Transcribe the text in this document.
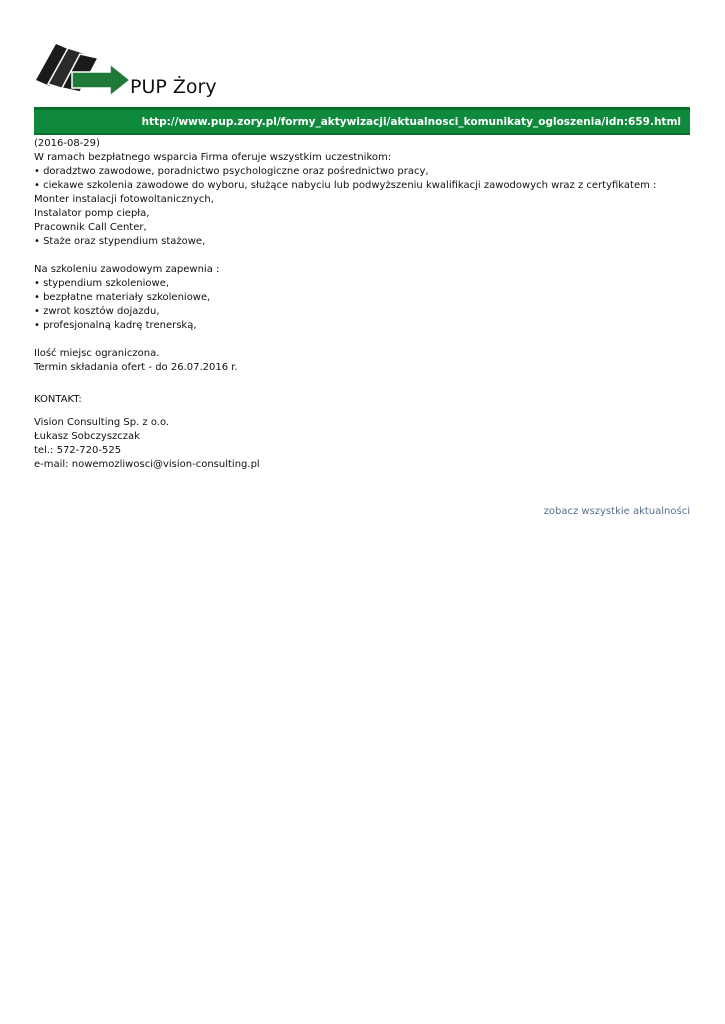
PUP Żory
http://www.pup.zory.pl/formy_aktywizacji/aktualnosci_komunikaty_ogloszenia/idn:659.html
(2016-08-29)
W ramach bezpłatnego wsparcia Firma oferuje wszystkim uczestnikom:
• doradztwo zawodowe, poradnictwo psychologiczne oraz pośrednictwo pracy,
• ciekawe szkolenia zawodowe do wyboru, służące nabyciu lub podwyższeniu kwalifikacji zawodowych wraz z certyfikatem :
Monter instalacji fotowoltanicznych,
Instalator pomp ciepła,
Pracownik Call Center,
• Staże oraz stypendium stażowe,
Na szkoleniu zawodowym zapewnia :
• stypendium szkoleniowe,
• bezpłatne materiały szkoleniowe,
• zwrot kosztów dojazdu,
• profesjonalną kadrę trenerską,
Ilość miejsc ograniczona.
Termin składania ofert - do 26.07.2016 r.
KONTAKT:
Vision Consulting Sp. z o.o.
Łukasz Sobczyszczak
tel.: 572-720-525
e-mail: nowemozliwosci@vision-consulting.pl
zobacz wszystkie aktualności
